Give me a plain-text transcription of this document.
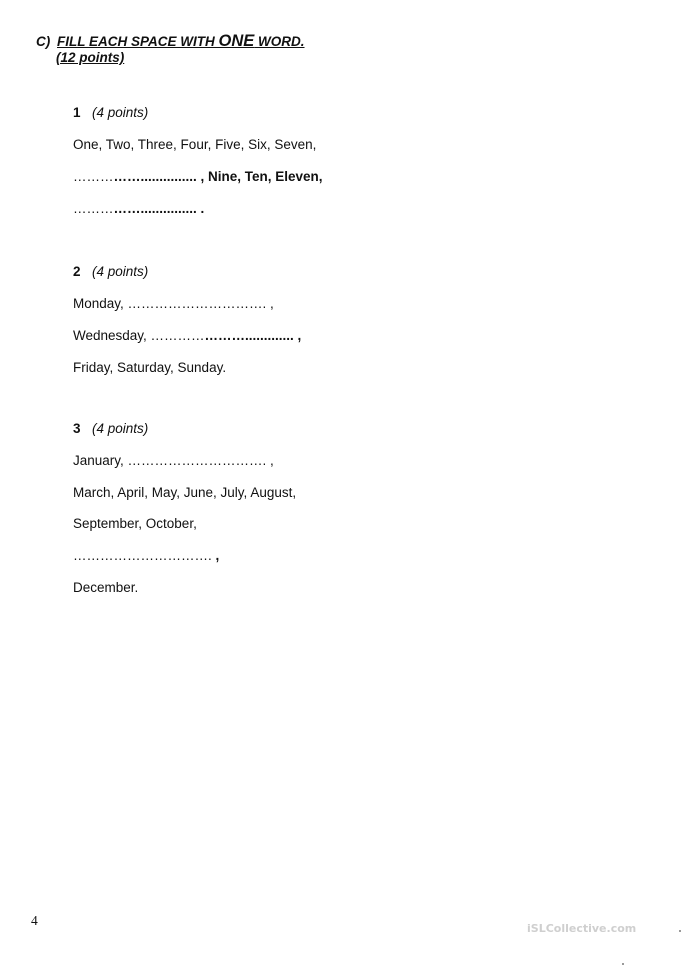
C) FILL EACH SPACE WITH ONE WORD.
(12 points)
1 (4 points)
One, Two, Three, Four, Five, Six, Seven,
……………............... , Nine, Ten, Eleven,
……………............... .
2 (4 points)
Monday, …………………………. ,
Wednesday, …………………............. ,
Friday, Saturday, Sunday.
3 (4 points)
January, …………………………. ,
March, April, May, June, July, August,
September, October,
…………………………. ,
December.
4
iSLCollective.com
